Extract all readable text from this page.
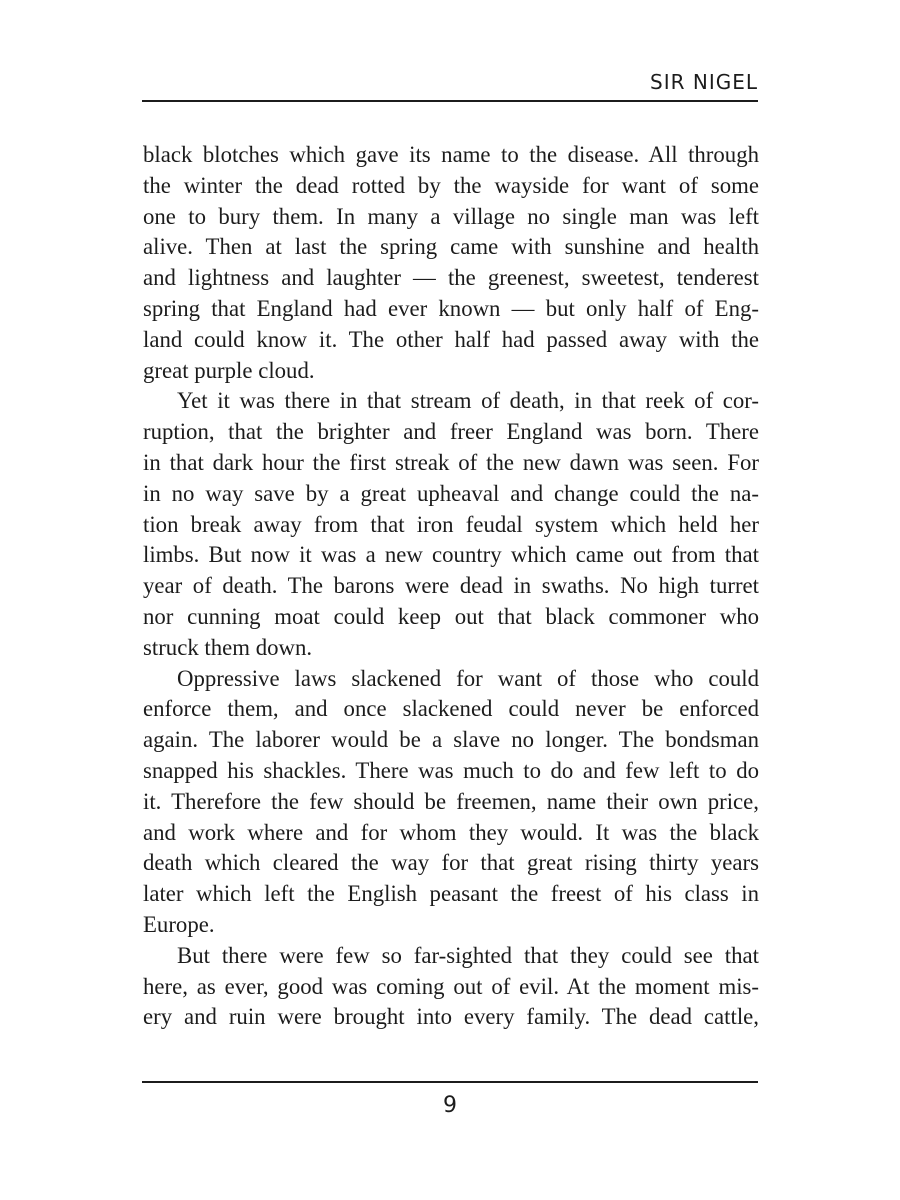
SIR NIGEL
black blotches which gave its name to the disease. All through
the winter the dead rotted by the wayside for want of some
one to bury them. In many a village no single man was left
alive. Then at last the spring came with sunshine and health
and lightness and laughter — the greenest, sweetest, tenderest
spring that England had ever known — but only half of Eng-
land could know it. The other half had passed away with the
great purple cloud.
Yet it was there in that stream of death, in that reek of cor-
ruption, that the brighter and freer England was born. There
in that dark hour the first streak of the new dawn was seen. For
in no way save by a great upheaval and change could the na-
tion break away from that iron feudal system which held her
limbs. But now it was a new country which came out from that
year of death. The barons were dead in swaths. No high turret
nor cunning moat could keep out that black commoner who
struck them down.
Oppressive laws slackened for want of those who could
enforce them, and once slackened could never be enforced
again. The laborer would be a slave no longer. The bondsman
snapped his shackles. There was much to do and few left to do
it. Therefore the few should be freemen, name their own price,
and work where and for whom they would. It was the black
death which cleared the way for that great rising thirty years
later which left the English peasant the freest of his class in
Europe.
But there were few so far-sighted that they could see that
here, as ever, good was coming out of evil. At the moment mis-
ery and ruin were brought into every family. The dead cattle,
9
